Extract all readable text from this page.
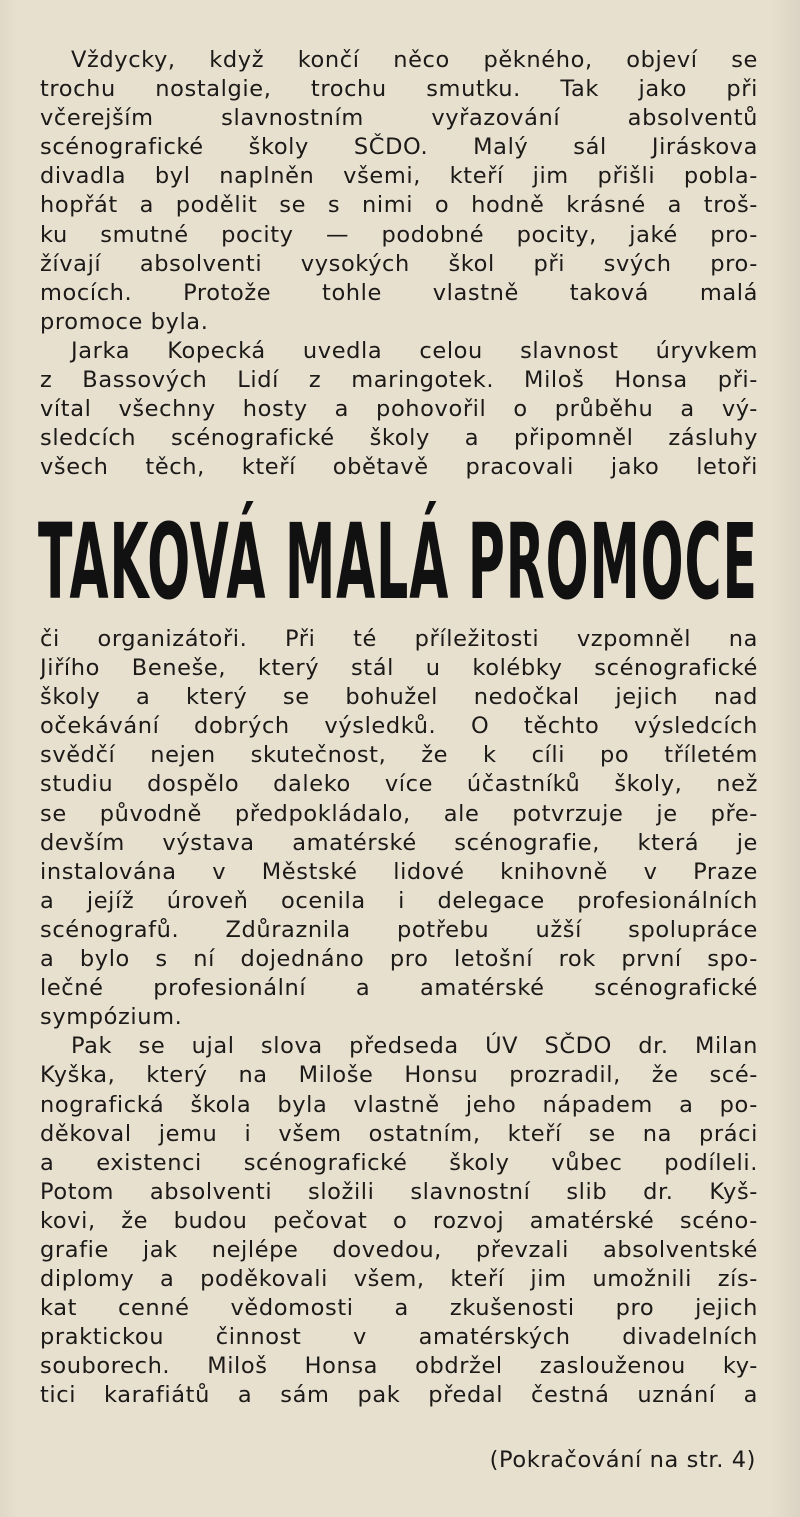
Vždycky, když končí něco pěkného, objeví se
trochu nostalgie, trochu smutku. Tak jako při
včerejším slavnostním vyřazování absolventů
scénografické školy SČDO. Malý sál Jiráskova
divadla byl naplněn všemi, kteří jim přišli pobla-
hopřát a podělit se s nimi o hodně krásné a troš-
ku smutné pocity — podobné pocity, jaké pro-
žívají absolventi vysokých škol při svých pro-
mocích. Protože tohle vlastně taková malá
promoce byla.
Jarka Kopecká uvedla celou slavnost úryvkem
z Bassových Lidí z maringotek. Miloš Honsa při-
vítal všechny hosty a pohovořil o průběhu a vý-
sledcích scénografické školy a připomněl zásluhy
všech těch, kteří obětavě pracovali jako letoři
TAKOVÁ MALÁ PROMOCE
či organizátoři. Při té příležitosti vzpomněl na
Jiřího Beneše, který stál u kolébky scénografické
školy a který se bohužel nedočkal jejich nad
očekávání dobrých výsledků. O těchto výsledcích
svědčí nejen skutečnost, že k cíli po tříletém
studiu dospělo daleko více účastníků školy, než
se původně předpokládalo, ale potvrzuje je pře-
devším výstava amatérské scénografie, která je
instalována v Městské lidové knihovně v Praze
a jejíž úroveň ocenila i delegace profesionálních
scénografů. Zdůraznila potřebu užší spolupráce
a bylo s ní dojednáno pro letošní rok první spo-
lečné profesionální a amatérské scénografické
sympózium.
Pak se ujal slova předseda ÚV SČDO dr. Milan
Kyška, který na Miloše Honsu prozradil, že scé-
nografická škola byla vlastně jeho nápadem a po-
děkoval jemu i všem ostatním, kteří se na práci
a existenci scénografické školy vůbec podíleli.
Potom absolventi složili slavnostní slib dr. Kyš-
kovi, že budou pečovat o rozvoj amatérské scéno-
grafie jak nejlépe dovedou, převzali absolventské
diplomy a poděkovali všem, kteří jim umožnili zís-
kat cenné vědomosti a zkušenosti pro jejich
praktickou činnost v amatérských divadelních
souborech. Miloš Honsa obdržel zaslouženou ky-
tici karafiátů a sám pak předal čestná uznání a
(Pokračování na str. 4)
